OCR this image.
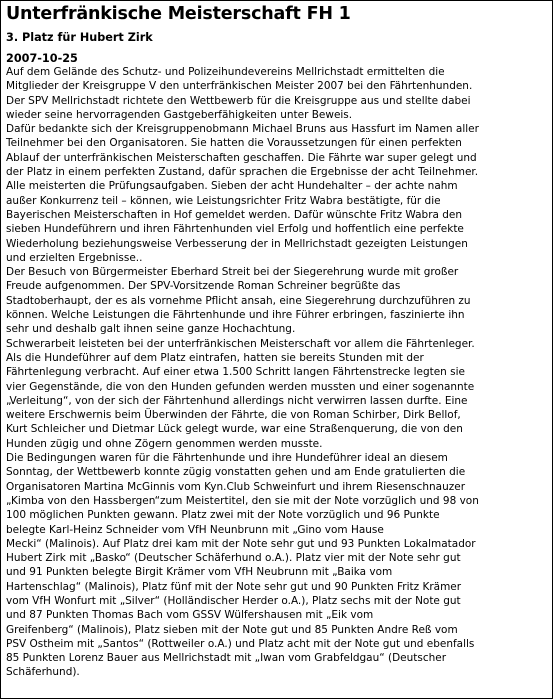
Unterfränkische Meisterschaft FH 1
3. Platz für Hubert Zirk
2007-10-25
Auf dem Gelände des Schutz- und Polizeihundevereins Mellrichstadt ermittelten die
Mitglieder der Kreisgruppe V den unterfränkischen Meister 2007 bei den Fährtenhunden.
Der SPV Mellrichstadt richtete den Wettbewerb für die Kreisgruppe aus und stellte dabei
wieder seine hervorragenden Gastgeberfähigkeiten unter Beweis.
Dafür bedankte sich der Kreisgruppenobmann Michael Bruns aus Hassfurt im Namen aller
Teilnehmer bei den Organisatoren. Sie hatten die Voraussetzungen für einen perfekten
Ablauf der unterfränkischen Meisterschaften geschaffen. Die Fährte war super gelegt und
der Platz in einem perfekten Zustand, dafür sprachen die Ergebnisse der acht Teilnehmer.
Alle meisterten die Prüfungsaufgaben. Sieben der acht Hundehalter – der achte nahm
außer Konkurrenz teil – können, wie Leistungsrichter Fritz Wabra bestätigte, für die
Bayerischen Meisterschaften in Hof gemeldet werden. Dafür wünschte Fritz Wabra den
sieben Hundeführern und ihren Fährtenhunden viel Erfolg und hoffentlich eine perfekte
Wiederholung beziehungsweise Verbesserung der in Mellrichstadt gezeigten Leistungen
und erzielten Ergebnisse..
Der Besuch von Bürgermeister Eberhard Streit bei der Siegerehrung wurde mit großer
Freude aufgenommen. Der SPV-Vorsitzende Roman Schreiner begrüßte das
Stadtoberhaupt, der es als vornehme Pflicht ansah, eine Siegerehrung durchzuführen zu
können. Welche Leistungen die Fährtenhunde und ihre Führer erbringen, faszinierte ihn
sehr und deshalb galt ihnen seine ganze Hochachtung.
Schwerarbeit leisteten bei der unterfränkischen Meisterschaft vor allem die Fährtenleger.
Als die Hundeführer auf dem Platz eintrafen, hatten sie bereits Stunden mit der
Fährtenlegung verbracht. Auf einer etwa 1.500 Schritt langen Fährtenstrecke legten sie
vier Gegenstände, die von den Hunden gefunden werden mussten und einer sogenannte
„Verleitung“, von der sich der Fährtenhund allerdings nicht verwirren lassen durfte. Eine
weitere Erschwernis beim Überwinden der Fährte, die von Roman Schirber, Dirk Bellof,
Kurt Schleicher und Dietmar Lück gelegt wurde, war eine Straßenquerung, die von den
Hunden zügig und ohne Zögern genommen werden musste.
Die Bedingungen waren für die Fährtenhunde und ihre Hundeführer ideal an diesem
Sonntag, der Wettbewerb konnte zügig vonstatten gehen und am Ende gratulierten die
Organisatoren Martina McGinnis vom Kyn.Club Schweinfurt und ihrem Riesenschnauzer
„Kimba von den Hassbergen“zum Meistertitel, den sie mit der Note vorzüglich und 98 von
100 möglichen Punkten gewann. Platz zwei mit der Note vorzüglich und 96 Punkte
belegte Karl-Heinz Schneider vom VfH Neunbrunn mit „Gino vom Hause
Mecki“ (Malinois). Auf Platz drei kam mit der Note sehr gut und 93 Punkten Lokalmatador
Hubert Zirk mit „Basko“ (Deutscher Schäferhund o.A.). Platz vier mit der Note sehr gut
und 91 Punkten belegte Birgit Krämer vom VfH Neubrunn mit „Baika vom
Hartenschlag“ (Malinois), Platz fünf mit der Note sehr gut und 90 Punkten Fritz Krämer
vom VfH Wonfurt mit „Silver“ (Holländischer Herder o.A.), Platz sechs mit der Note gut
und 87 Punkten Thomas Bach vom GSSV Wülfershausen mit „Eik vom
Greifenberg“ (Malinois), Platz sieben mit der Note gut und 85 Punkten Andre Reß vom
PSV Ostheim mit „Santos“ (Rottweiler o.A.) und Platz acht mit der Note gut und ebenfalls
85 Punkten Lorenz Bauer aus Mellrichstadt mit „Iwan vom Grabfeldgau“ (Deutscher
Schäferhund).
